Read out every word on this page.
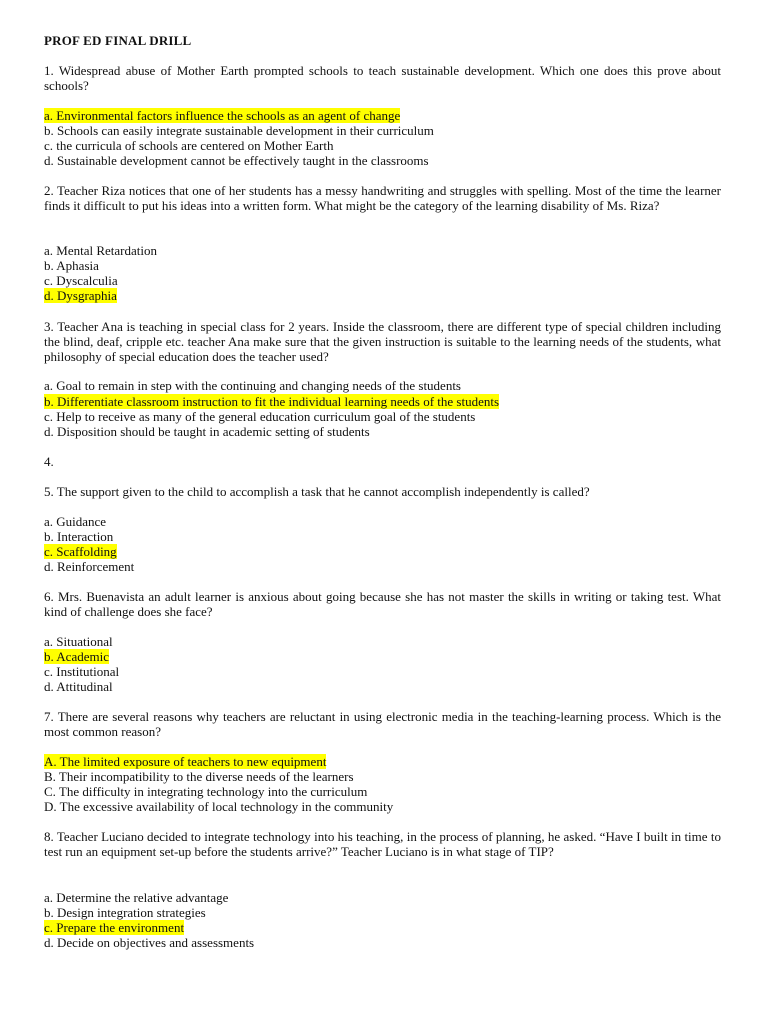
PROF ED FINAL DRILL
1. Widespread abuse of Mother Earth prompted schools to teach sustainable development. Which one does this prove about schools?
a. Environmental factors influence the schools as an agent of change
b. Schools can easily integrate sustainable development in their curriculum
c. the curricula of schools are centered on Mother Earth
d. Sustainable development cannot be effectively taught in the classrooms
2. Teacher Riza notices that one of her students has a messy handwriting and struggles with spelling. Most of the time the learner finds it difficult to put his ideas into a written form. What might be the category of the learning disability of Ms. Riza?
a. Mental Retardation
b. Aphasia
c. Dyscalculia
d. Dysgraphia
3. Teacher Ana is teaching in special class for 2 years. Inside the classroom, there are different type of special children including the blind, deaf, cripple etc. teacher Ana make sure that the given instruction is suitable to the learning needs of the students, what philosophy of special education does the teacher used?
a. Goal to remain in step with the continuing and changing needs of the students
b. Differentiate classroom instruction to fit the individual learning needs of the students
c. Help to receive as many of the general education curriculum goal of the students
d. Disposition should be taught in academic setting of students
4.
5. The support given to the child to accomplish a task that he cannot accomplish independently is called?
a. Guidance
b. Interaction
c. Scaffolding
d. Reinforcement
6. Mrs. Buenavista an adult learner is anxious about going because she has not master the skills in writing or taking test. What kind of challenge does she face?
a. Situational
b. Academic
c. Institutional
d. Attitudinal
7. There are several reasons why teachers are reluctant in using electronic media in the teaching-learning process. Which is the most common reason?
A. The limited exposure of teachers to new equipment
B. Their incompatibility to the diverse needs of the learners
C. The difficulty in integrating technology into the curriculum
D. The excessive availability of local technology in the community
8. Teacher Luciano decided to integrate technology into his teaching, in the process of planning, he asked. “Have I built in time to test run an equipment set-up before the students arrive?” Teacher Luciano is in what stage of TIP?
a. Determine the relative advantage
b. Design integration strategies
c. Prepare the environment
d. Decide on objectives and assessments
